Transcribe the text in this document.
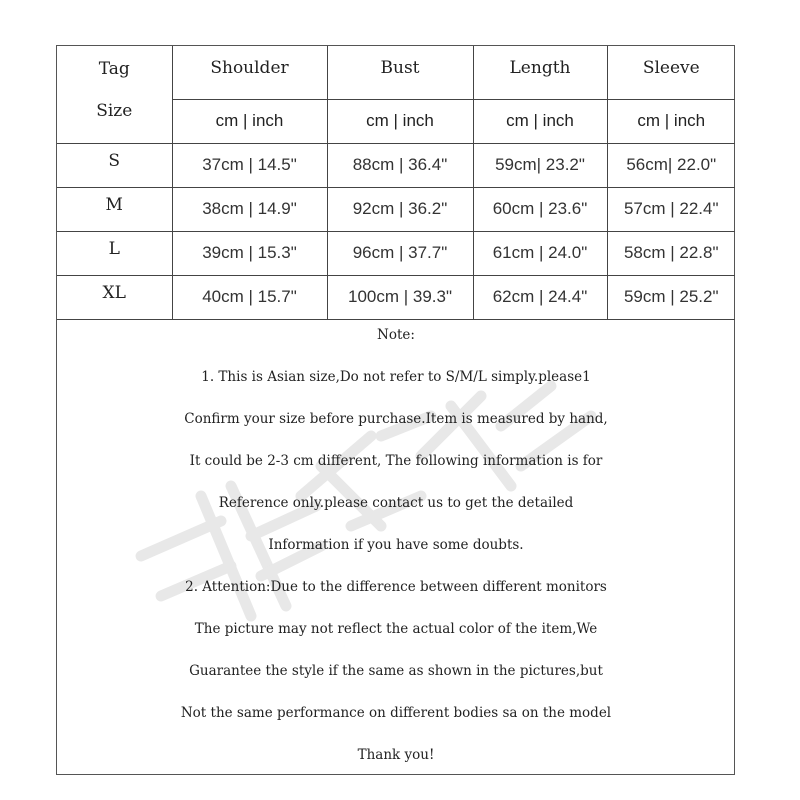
Tag
Size	Shoulder	Bust	Length	Sleeve
	cm | inch	cm | inch	cm | inch	cm | inch
S	37cm | 14.5"	88cm | 36.4"	59cm| 23.2"	56cm| 22.0"
M	38cm | 14.9"	92cm | 36.2"	60cm | 23.6"	57cm | 22.4"
L	39cm | 15.3"	96cm | 37.7"	61cm | 24.0"	58cm | 22.8"
XL	40cm | 15.7"	100cm | 39.3"	62cm | 24.4"	59cm | 25.2"
Note:
1. This is Asian size,Do not refer to S/M/L simply.please1
Confirm your size before purchase.Item is measured by hand,
It could be 2-3 cm different, The following information is for
Reference only.please contact us to get the detailed
Information if you have some doubts.
2. Attention:Due to the difference between different monitors
The picture may not reflect the actual color of the item,We
Guarantee the style if the same as shown in the pictures,but
Not the same performance on different bodies sa on the model
Thank you!
